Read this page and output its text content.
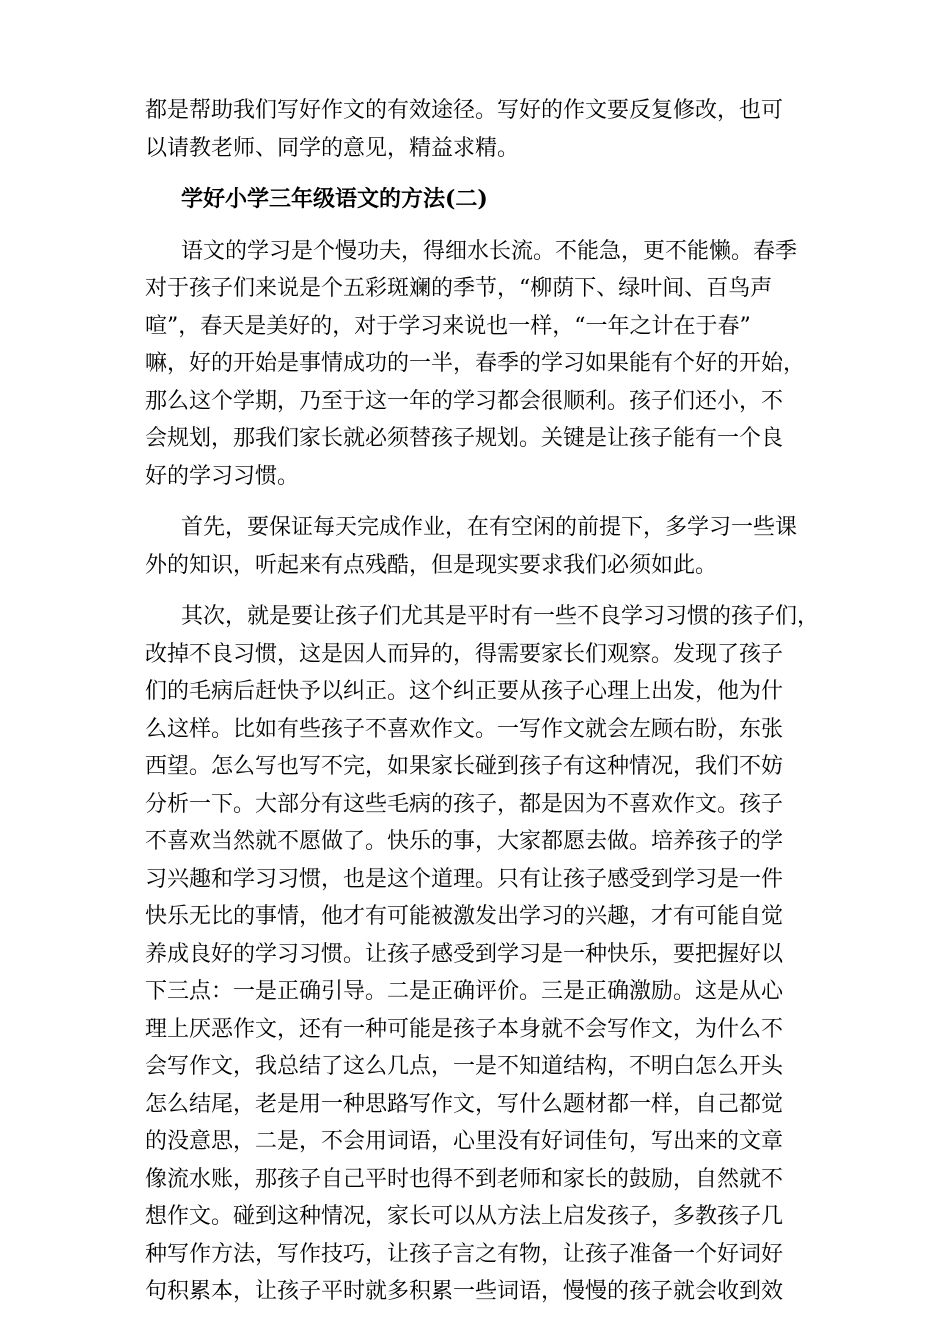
都是帮助我们写好作文的有效途径。写好的作文要反复修改，也可
以请教老师、同学的意见，精益求精。
学好小学三年级语文的方法(二)
语文的学习是个慢功夫，得细水长流。不能急，更不能懒。春季
对于孩子们来说是个五彩斑斓的季节，“柳荫下、绿叶间、百鸟声
喧”，春天是美好的，对于学习来说也一样，“一年之计在于春”
嘛，好的开始是事情成功的一半，春季的学习如果能有个好的开始，
那么这个学期，乃至于这一年的学习都会很顺利。孩子们还小，不
会规划，那我们家长就必须替孩子规划。关键是让孩子能有一个良
好的学习习惯。
首先，要保证每天完成作业，在有空闲的前提下，多学习一些课
外的知识，听起来有点残酷，但是现实要求我们必须如此。
其次，就是要让孩子们尤其是平时有一些不良学习习惯的孩子们，
改掉不良习惯，这是因人而异的，得需要家长们观察。发现了孩子
们的毛病后赶快予以纠正。这个纠正要从孩子心理上出发，他为什
么这样。比如有些孩子不喜欢作文。一写作文就会左顾右盼，东张
西望。怎么写也写不完，如果家长碰到孩子有这种情况，我们不妨
分析一下。大部分有这些毛病的孩子，都是因为不喜欢作文。孩子
不喜欢当然就不愿做了。快乐的事，大家都愿去做。培养孩子的学
习兴趣和学习习惯，也是这个道理。只有让孩子感受到学习是一件
快乐无比的事情，他才有可能被激发出学习的兴趣，才有可能自觉
养成良好的学习习惯。让孩子感受到学习是一种快乐，要把握好以
下三点：一是正确引导。二是正确评价。三是正确激励。这是从心
理上厌恶作文，还有一种可能是孩子本身就不会写作文，为什么不
会写作文，我总结了这么几点，一是不知道结构，不明白怎么开头
怎么结尾，老是用一种思路写作文，写什么题材都一样，自己都觉
的没意思，二是，不会用词语，心里没有好词佳句，写出来的文章
像流水账，那孩子自己平时也得不到老师和家长的鼓励，自然就不
想作文。碰到这种情况，家长可以从方法上启发孩子，多教孩子几
种写作方法，写作技巧，让孩子言之有物，让孩子准备一个好词好
句积累本，让孩子平时就多积累一些词语，慢慢的孩子就会收到效
